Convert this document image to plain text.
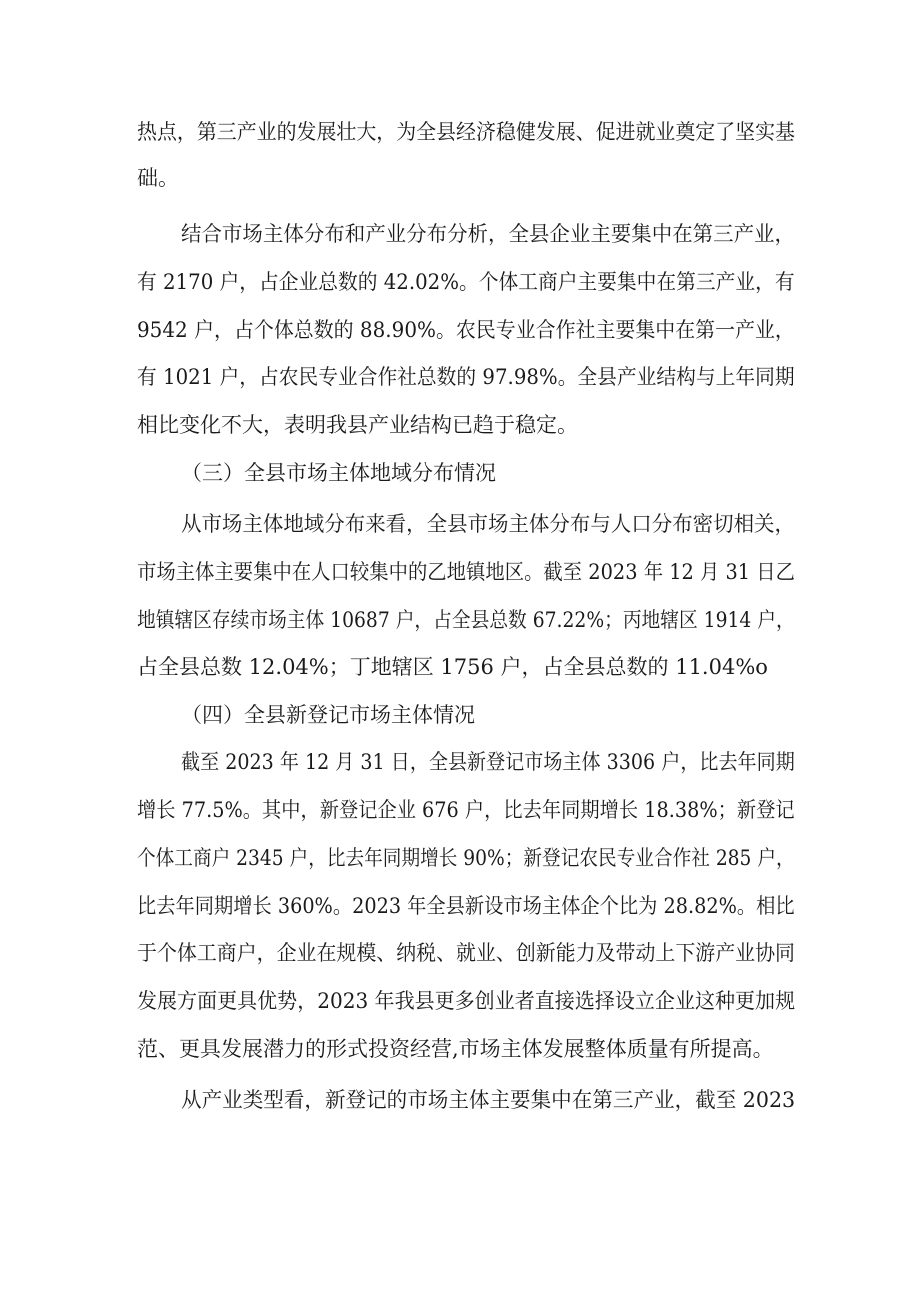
热点，第三产业的发展壮大，为全县经济稳健发展、促进就业奠定了坚实基
础。
结合市场主体分布和产业分布分析，全县企业主要集中在第三产业，
有 2170 户，占企业总数的 42.02%。个体工商户主要集中在第三产业，有
9542 户，占个体总数的 88.90%。农民专业合作社主要集中在第一产业，
有 1021 户，占农民专业合作社总数的 97.98%。全县产业结构与上年同期
相比变化不大，表明我县产业结构已趋于稳定。
（三）全县市场主体地域分布情况
从市场主体地域分布来看，全县市场主体分布与人口分布密切相关，
市场主体主要集中在人口较集中的乙地镇地区。截至 2023 年 12 月 31 日乙
地镇辖区存续市场主体 10687 户，占全县总数 67.22%；丙地辖区 1914 户，
占全县总数 12.04%；丁地辖区 1756 户，占全县总数的 11.04%o
（四）全县新登记市场主体情况
截至 2023 年 12 月 31 日，全县新登记市场主体 3306 户，比去年同期
增长 77.5%。其中，新登记企业 676 户，比去年同期增长 18.38%；新登记
个体工商户 2345 户，比去年同期增长 90%；新登记农民专业合作社 285 户，
比去年同期增长 360%。2023 年全县新设市场主体企个比为 28.82%。相比
于个体工商户，企业在规模、纳税、就业、创新能力及带动上下游产业协同
发展方面更具优势，2023 年我县更多创业者直接选择设立企业这种更加规
范、更具发展潜力的形式投资经营,市场主体发展整体质量有所提高。
从产业类型看，新登记的市场主体主要集中在第三产业，截至 2023
